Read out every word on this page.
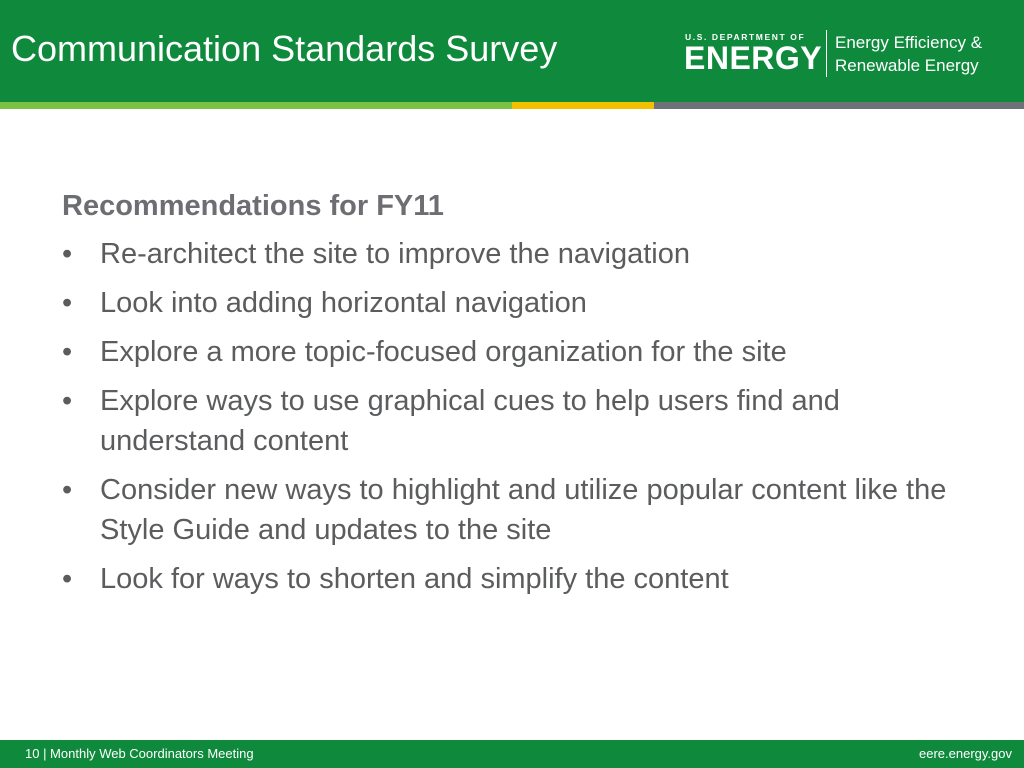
Communication Standards Survey	U.S. DEPARTMENT OF
ENERGY Energy Efficiency &
Renewable Energy
Recommendations for FY11
• Re-architect the site to improve the navigation
• Look into adding horizontal navigation
• Explore a more topic-focused organization for the site
• Explore ways to use graphical cues to help users find and understand content
• Consider new ways to highlight and utilize popular content like the Style Guide and updates to the site
• Look for ways to shorten and simplify the content
10 | Monthly Web Coordinators Meeting	eere.energy.gov
